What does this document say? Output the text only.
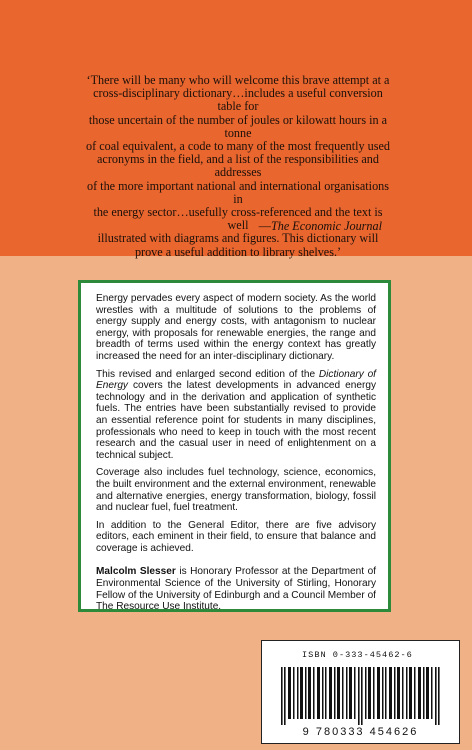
‘There will be many who will welcome this brave attempt at a
cross-disciplinary dictionary…includes a useful conversion table for
those uncertain of the number of joules or kilowatt hours in a tonne
of coal equivalent, a code to many of the most frequently used
acronyms in the field, and a list of the responsibilities and addresses
of the more important national and international organisations in
the energy sector…usefully cross-referenced and the text is well
illustrated with diagrams and figures. This dictionary will
prove a useful addition to library shelves.’
—The Economic Journal

Energy pervades every aspect of modern society. As the world wrestles with a multitude of solutions to the problems of energy supply and energy costs, with antagonism to nuclear energy, with proposals for renewable energies, the range and breadth of terms used within the energy context has greatly increased the need for an inter-disciplinary dictionary.

This revised and enlarged second edition of the Dictionary of Energy covers the latest developments in advanced energy technology and in the derivation and application of synthetic fuels. The entries have been substantially revised to provide an essential reference point for students in many disciplines, professionals who need to keep in touch with the most recent research and the casual user in need of enlightenment on a technical subject.

Coverage also includes fuel technology, science, economics, the built environment and the external environment, renewable and alternative energies, energy transformation, biology, fossil and nuclear fuel, fuel treatment.

In addition to the General Editor, there are five advisory editors, each eminent in their field, to ensure that balance and coverage is achieved.

Malcolm Slesser is Honorary Professor at the Department of Environmental Science of the University of Stirling, Honorary Fellow of the University of Edinburgh and a Council Member of The Resource Use Institute.

ISBN 0-333-45462-6
9 780333 454626
